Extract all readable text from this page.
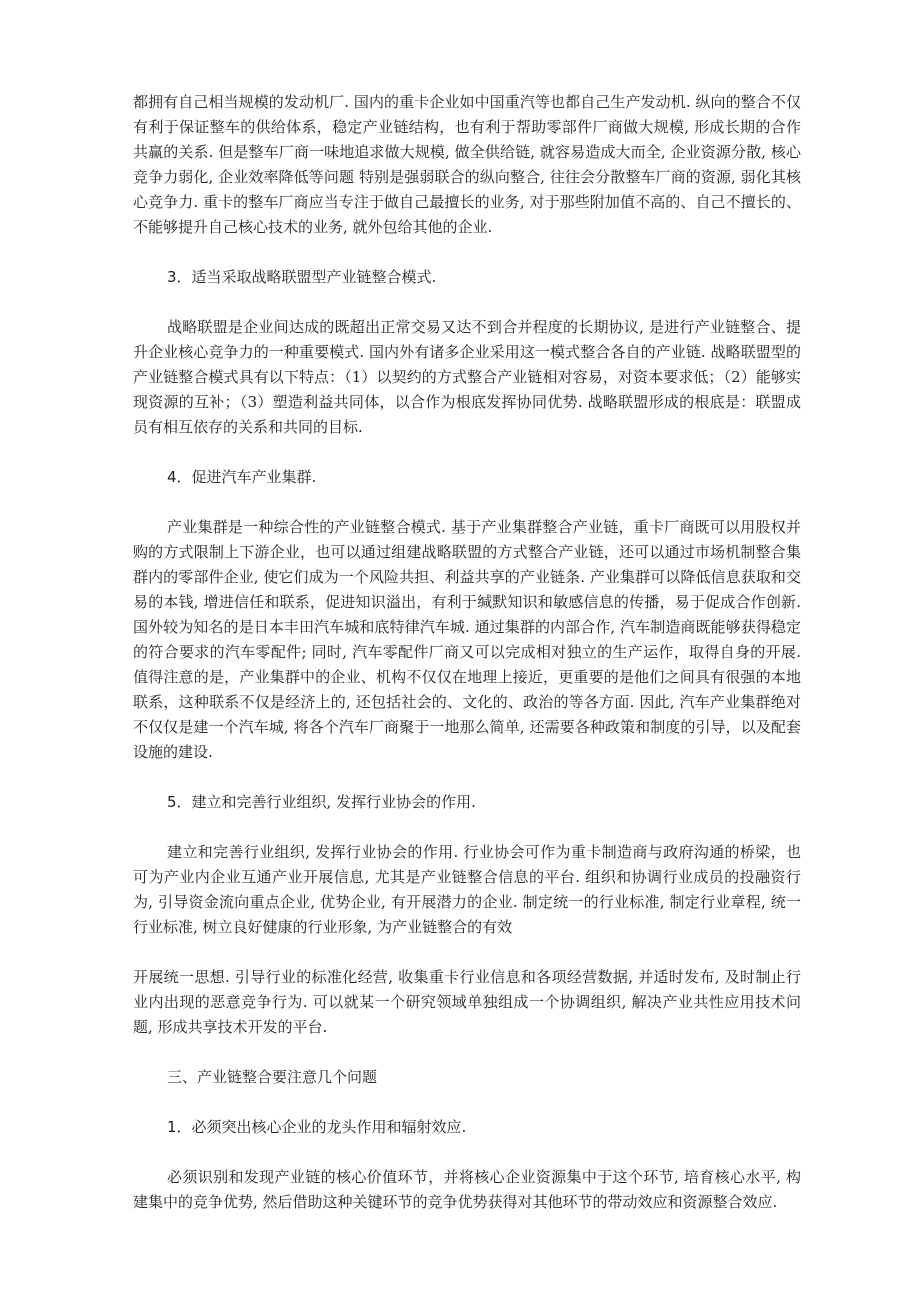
都拥有自己相当规模的发动机厂. 国内的重卡企业如中国重汽等也都自己生产发动机. 纵向的整合不仅有利于保证整车的供给体系，稳定产业链结构，也有利于帮助零部件厂商做大规模, 形成长期的合作共赢的关系. 但是整车厂商一味地追求做大规模, 做全供给链, 就容易造成大而全, 企业资源分散, 核心竞争力弱化, 企业效率降低等问题 特别是强弱联合的纵向整合, 往往会分散整车厂商的资源, 弱化其核心竞争力. 重卡的整车厂商应当专注于做自己最擅长的业务, 对于那些附加值不高的、自己不擅长的、不能够提升自己核心技术的业务, 就外包给其他的企业.

3．适当采取战略联盟型产业链整合模式.

战略联盟是企业间达成的既超出正常交易又达不到合并程度的长期协议, 是进行产业链整合、提升企业核心竞争力的一种重要模式. 国内外有诸多企业采用这一模式整合各自的产业链. 战略联盟型的产业链整合模式具有以下特点：（1）以契约的方式整合产业链相对容易，对资本要求低；（2）能够实现资源的互补；（3）塑造利益共同体，以合作为根底发挥协同优势. 战略联盟形成的根底是：联盟成员有相互依存的关系和共同的目标.

4．促进汽车产业集群.

产业集群是一种综合性的产业链整合模式. 基于产业集群整合产业链，重卡厂商既可以用股权并购的方式限制上下游企业，也可以通过组建战略联盟的方式整合产业链，还可以通过市场机制整合集群内的零部件企业, 使它们成为一个风险共担、利益共享的产业链条. 产业集群可以降低信息获取和交易的本钱, 增进信任和联系，促进知识溢出，有利于缄默知识和敏感信息的传播，易于促成合作创新. 国外较为知名的是日本丰田汽车城和底特律汽车城. 通过集群的内部合作, 汽车制造商既能够获得稳定的符合要求的汽车零配件; 同时, 汽车零配件厂商又可以完成相对独立的生产运作，取得自身的开展. 值得注意的是，产业集群中的企业、机构不仅仅在地理上接近，更重要的是他们之间具有很强的本地联系，这种联系不仅是经济上的, 还包括社会的、文化的、政治的等各方面. 因此, 汽车产业集群绝对不仅仅是建一个汽车城, 将各个汽车厂商聚于一地那么简单, 还需要各种政策和制度的引导，以及配套设施的建设.

5．建立和完善行业组织, 发挥行业协会的作用.

建立和完善行业组织, 发挥行业协会的作用. 行业协会可作为重卡制造商与政府沟通的桥梁，也可为产业内企业互通产业开展信息, 尤其是产业链整合信息的平台. 组织和协调行业成员的投融资行为, 引导资金流向重点企业, 优势企业, 有开展潜力的企业. 制定统一的行业标准, 制定行业章程, 统一行业标准, 树立良好健康的行业形象, 为产业链整合的有效

开展统一思想. 引导行业的标准化经营, 收集重卡行业信息和各项经营数据, 并适时发布, 及时制止行业内出现的恶意竞争行为. 可以就某一个研究领域单独组成一个协调组织, 解决产业共性应用技术问题, 形成共享技术开发的平台.

三、产业链整合要注意几个问题

1．必须突出核心企业的龙头作用和辐射效应.

必须识别和发现产业链的核心价值环节，并将核心企业资源集中于这个环节, 培育核心水平, 构建集中的竞争优势, 然后借助这种关键环节的竞争优势获得对其他环节的带动效应和资源整合效应.
